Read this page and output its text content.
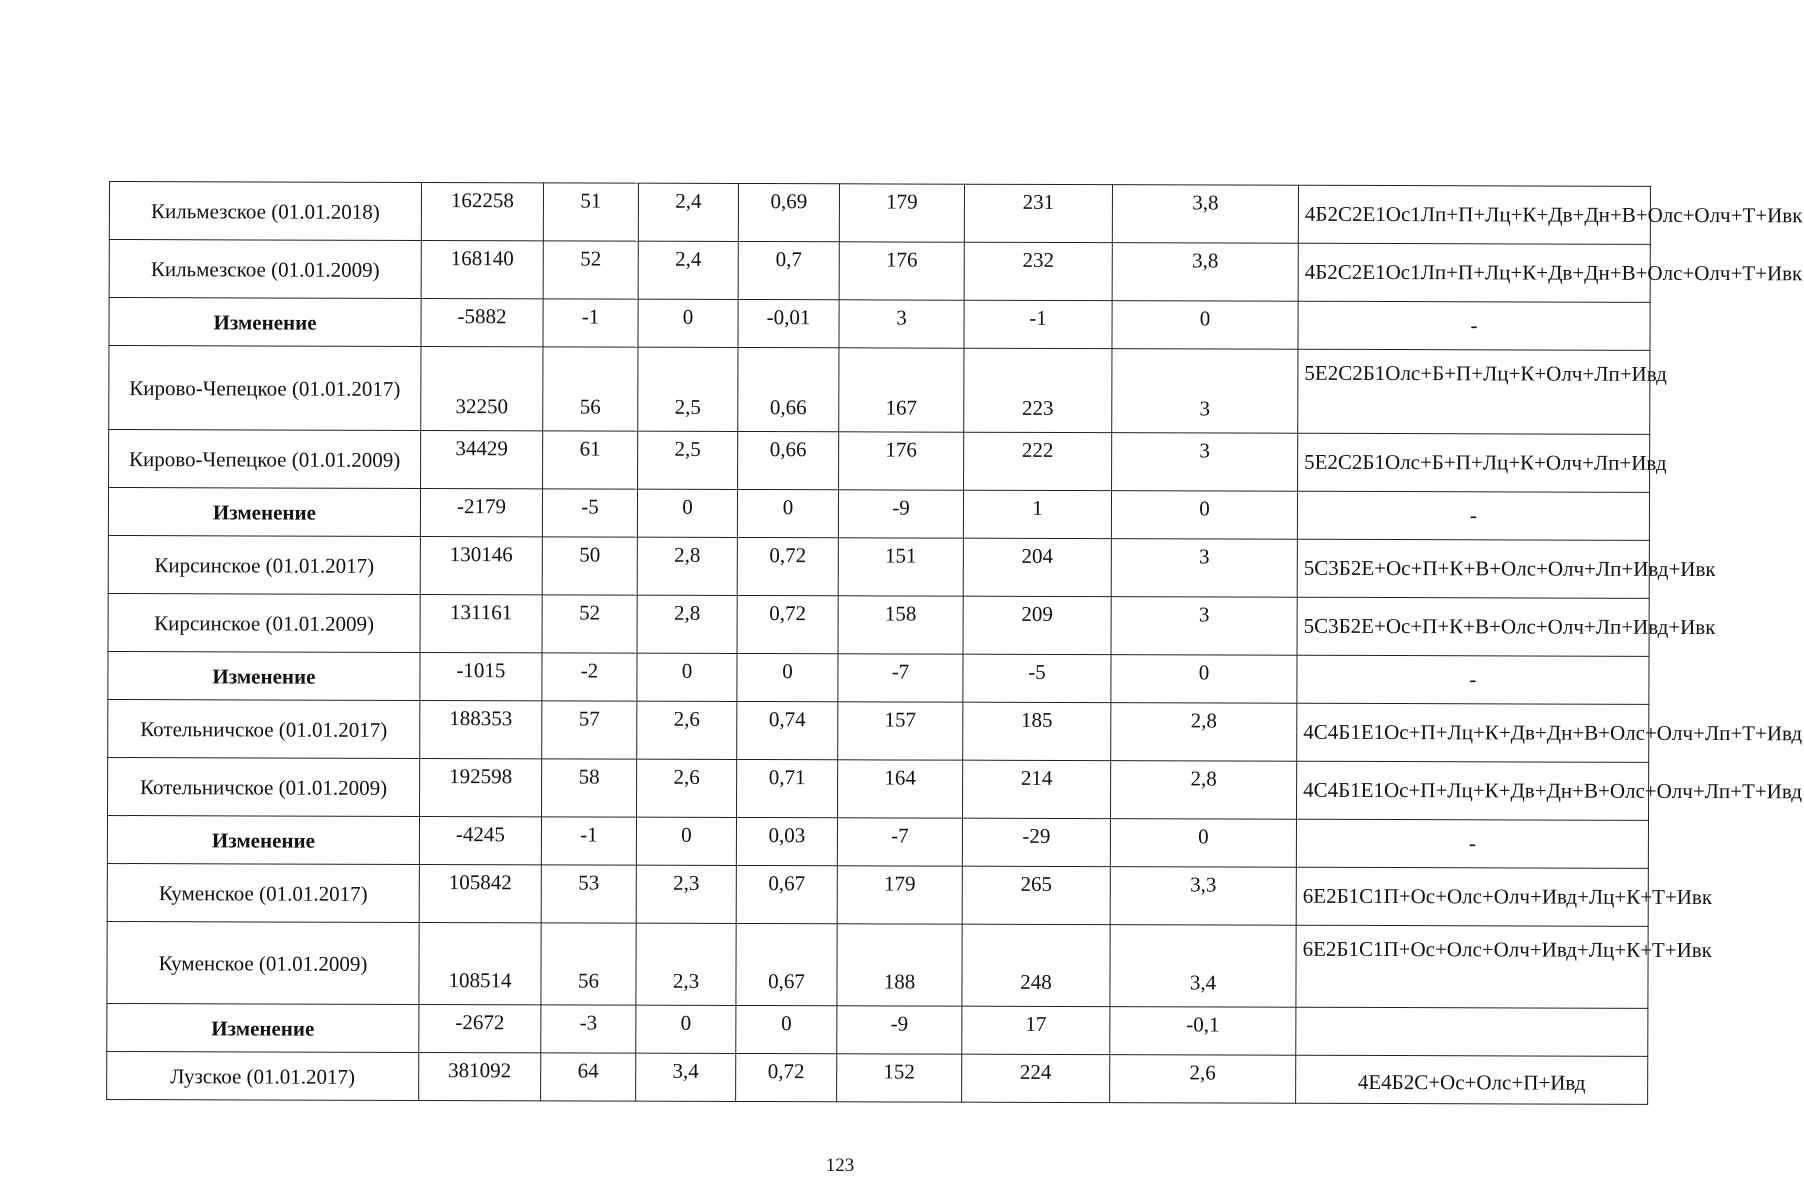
Кильмезское (01.01.2018)	162258	51	2,4	0,69	179	231	3,8	4Б2С2Е1Ос1Лп+П+Лц+К+Дв+Дн+В+Олс+Олч+Т+Ивк
Кильмезское (01.01.2009)	168140	52	2,4	0,7	176	232	3,8	4Б2С2Е1Ос1Лп+П+Лц+К+Дв+Дн+В+Олс+Олч+Т+Ивк
Изменение	-5882	-1	0	-0,01	3	-1	0	-
Кирово-Чепецкое (01.01.2017)	32250	56	2,5	0,66	167	223	3	5Е2С2Б1Олс+Б+П+Лц+К+Олч+Лп+Ивд
Кирово-Чепецкое (01.01.2009)	34429	61	2,5	0,66	176	222	3	5Е2С2Б1Олс+Б+П+Лц+К+Олч+Лп+Ивд
Изменение	-2179	-5	0	0	-9	1	0	-
Кирсинское (01.01.2017)	130146	50	2,8	0,72	151	204	3	5С3Б2Е+Ос+П+К+В+Олс+Олч+Лп+Ивд+Ивк
Кирсинское (01.01.2009)	131161	52	2,8	0,72	158	209	3	5С3Б2Е+Ос+П+К+В+Олс+Олч+Лп+Ивд+Ивк
Изменение	-1015	-2	0	0	-7	-5	0	-
Котельничское (01.01.2017)	188353	57	2,6	0,74	157	185	2,8	4С4Б1Е1Ос+П+Лц+К+Дв+Дн+В+Олс+Олч+Лп+Т+Ивд
Котельничское (01.01.2009)	192598	58	2,6	0,71	164	214	2,8	4С4Б1Е1Ос+П+Лц+К+Дв+Дн+В+Олс+Олч+Лп+Т+Ивд
Изменение	-4245	-1	0	0,03	-7	-29	0	-
Куменское (01.01.2017)	105842	53	2,3	0,67	179	265	3,3	6Е2Б1С1П+Ос+Олс+Олч+Ивд+Лц+К+Т+Ивк
Куменское (01.01.2009)	108514	56	2,3	0,67	188	248	3,4	6Е2Б1С1П+Ос+Олс+Олч+Ивд+Лц+К+Т+Ивк
Изменение	-2672	-3	0	0	-9	17	-0,1	
Лузское (01.01.2017)	381092	64	3,4	0,72	152	224	2,6	4Е4Б2С+Ос+Олс+П+Ивд
123
